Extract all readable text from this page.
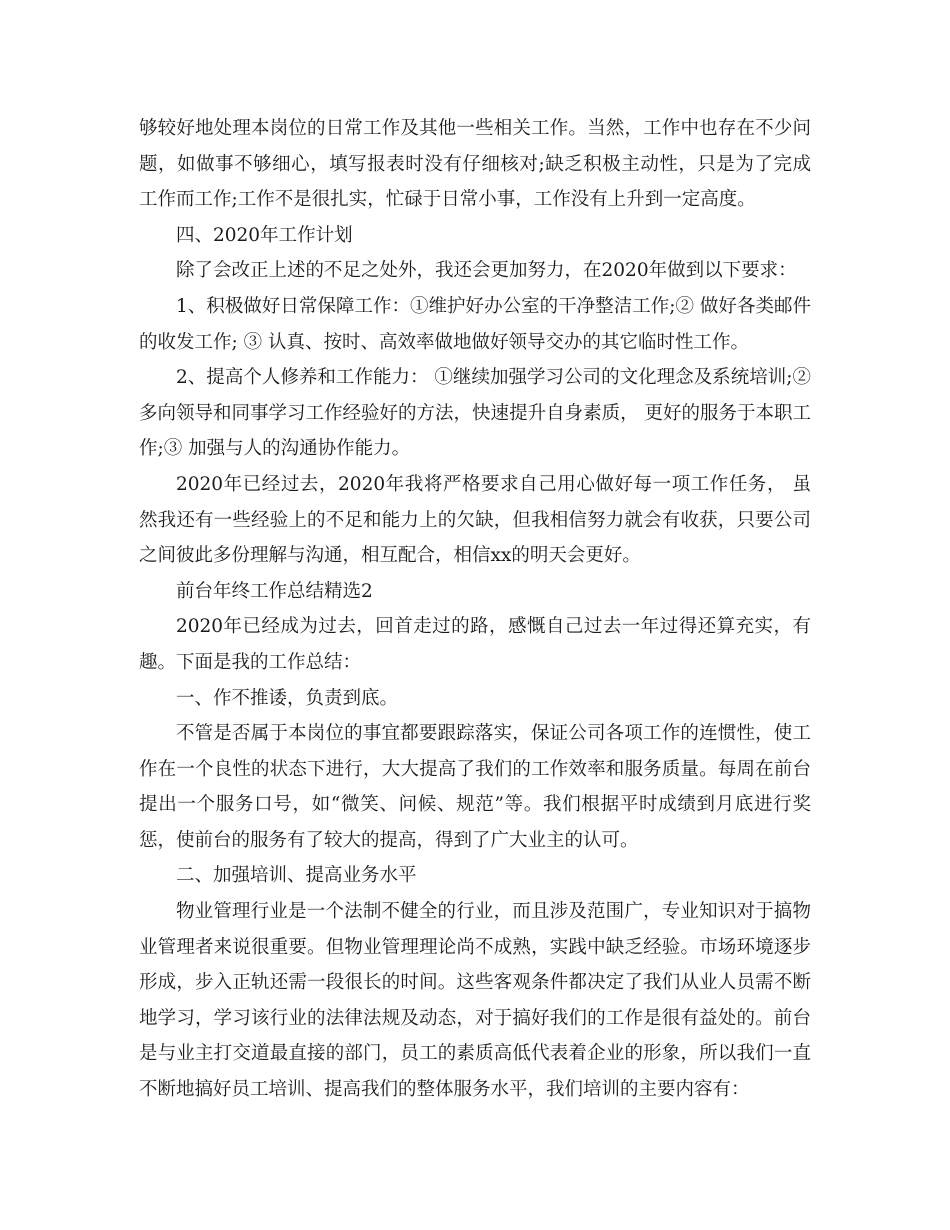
够较好地处理本岗位的日常工作及其他一些相关工作。当然，工作中也存在不少问题，如做事不够细心，填写报表时没有仔细核对;缺乏积极主动性，只是为了完成工作而工作;工作不是很扎实，忙碌于日常小事，工作没有上升到一定高度。

四、2020年工作计划

除了会改正上述的不足之处外，我还会更加努力，在2020年做到以下要求：

1、积极做好日常保障工作：①维护好办公室的干净整洁工作;② 做好各类邮件的收发工作; ③ 认真、按时、高效率做地做好领导交办的其它临时性工作。

2、提高个人修养和工作能力： ①继续加强学习公司的文化理念及系统培训;② 多向领导和同事学习工作经验好的方法，快速提升自身素质， 更好的服务于本职工作;③ 加强与人的沟通协作能力。

2020年已经过去，2020年我将严格要求自己用心做好每一项工作任务， 虽然我还有一些经验上的不足和能力上的欠缺，但我相信努力就会有收获，只要公司之间彼此多份理解与沟通，相互配合，相信xx的明天会更好。

前台年终工作总结精选2

2020年已经成为过去，回首走过的路，感慨自己过去一年过得还算充实，有趣。下面是我的工作总结：

一、作不推诿，负责到底。

不管是否属于本岗位的事宜都要跟踪落实，保证公司各项工作的连惯性，使工作在一个良性的状态下进行，大大提高了我们的工作效率和服务质量。每周在前台提出一个服务口号，如“微笑、问候、规范”等。我们根据平时成绩到月底进行奖惩，使前台的服务有了较大的提高，得到了广大业主的认可。

二、加强培训、提高业务水平

物业管理行业是一个法制不健全的行业，而且涉及范围广，专业知识对于搞物业管理者来说很重要。但物业管理理论尚不成熟，实践中缺乏经验。市场环境逐步形成，步入正轨还需一段很长的时间。这些客观条件都决定了我们从业人员需不断地学习，学习该行业的法律法规及动态，对于搞好我们的工作是很有益处的。前台是与业主打交道最直接的部门，员工的素质高低代表着企业的形象，所以我们一直不断地搞好员工培训、提高我们的整体服务水平，我们培训的主要内容有：
